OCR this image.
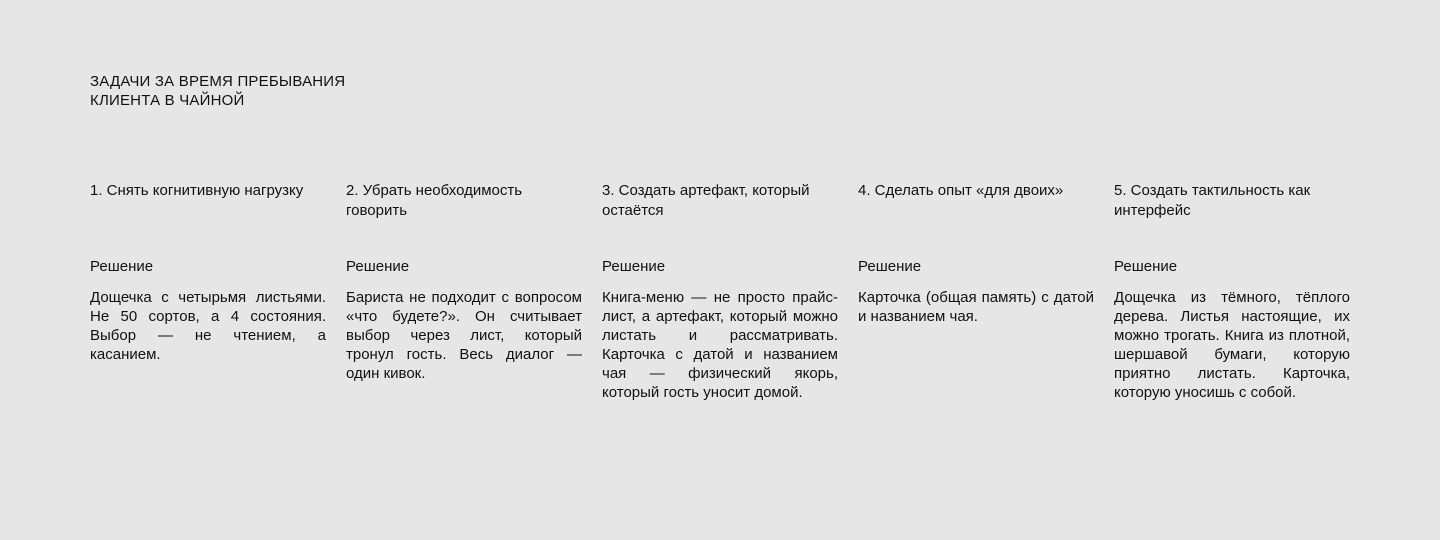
ЗАДАЧИ ЗА ВРЕМЯ ПРЕБЫВАНИЯ
КЛИЕНТА В ЧАЙНОЙ
1. Снять когнитивную нагрузку
Решение

Дощечка с четырьмя листьями. Не 50 сортов, а 4 состояния. Выбор — не чтением, а касанием.

2. Убрать необходимость говорить
Решение

Бариста не подходит с вопросом «что будете?». Он считывает выбор через лист, который тронул гость. Весь диалог — один кивок.

3. Создать артефакт, который остаётся
Решение

Книга-меню — не просто прайс-лист, а артефакт, который можно листать и рассматривать. Карточка с датой и названием чая — физический якорь, который гость уносит домой.

4. Сделать опыт «для двоих»
Решение

Карточка (общая память) с датой и названием чая.

5. Создать тактильность как интерфейс
Решение

Дощечка из тёмного, тёплого дерева. Листья настоящие, их можно трогать. Книга из плотной, шершавой бумаги, которую приятно листать. Карточка, которую уносишь с собой.
